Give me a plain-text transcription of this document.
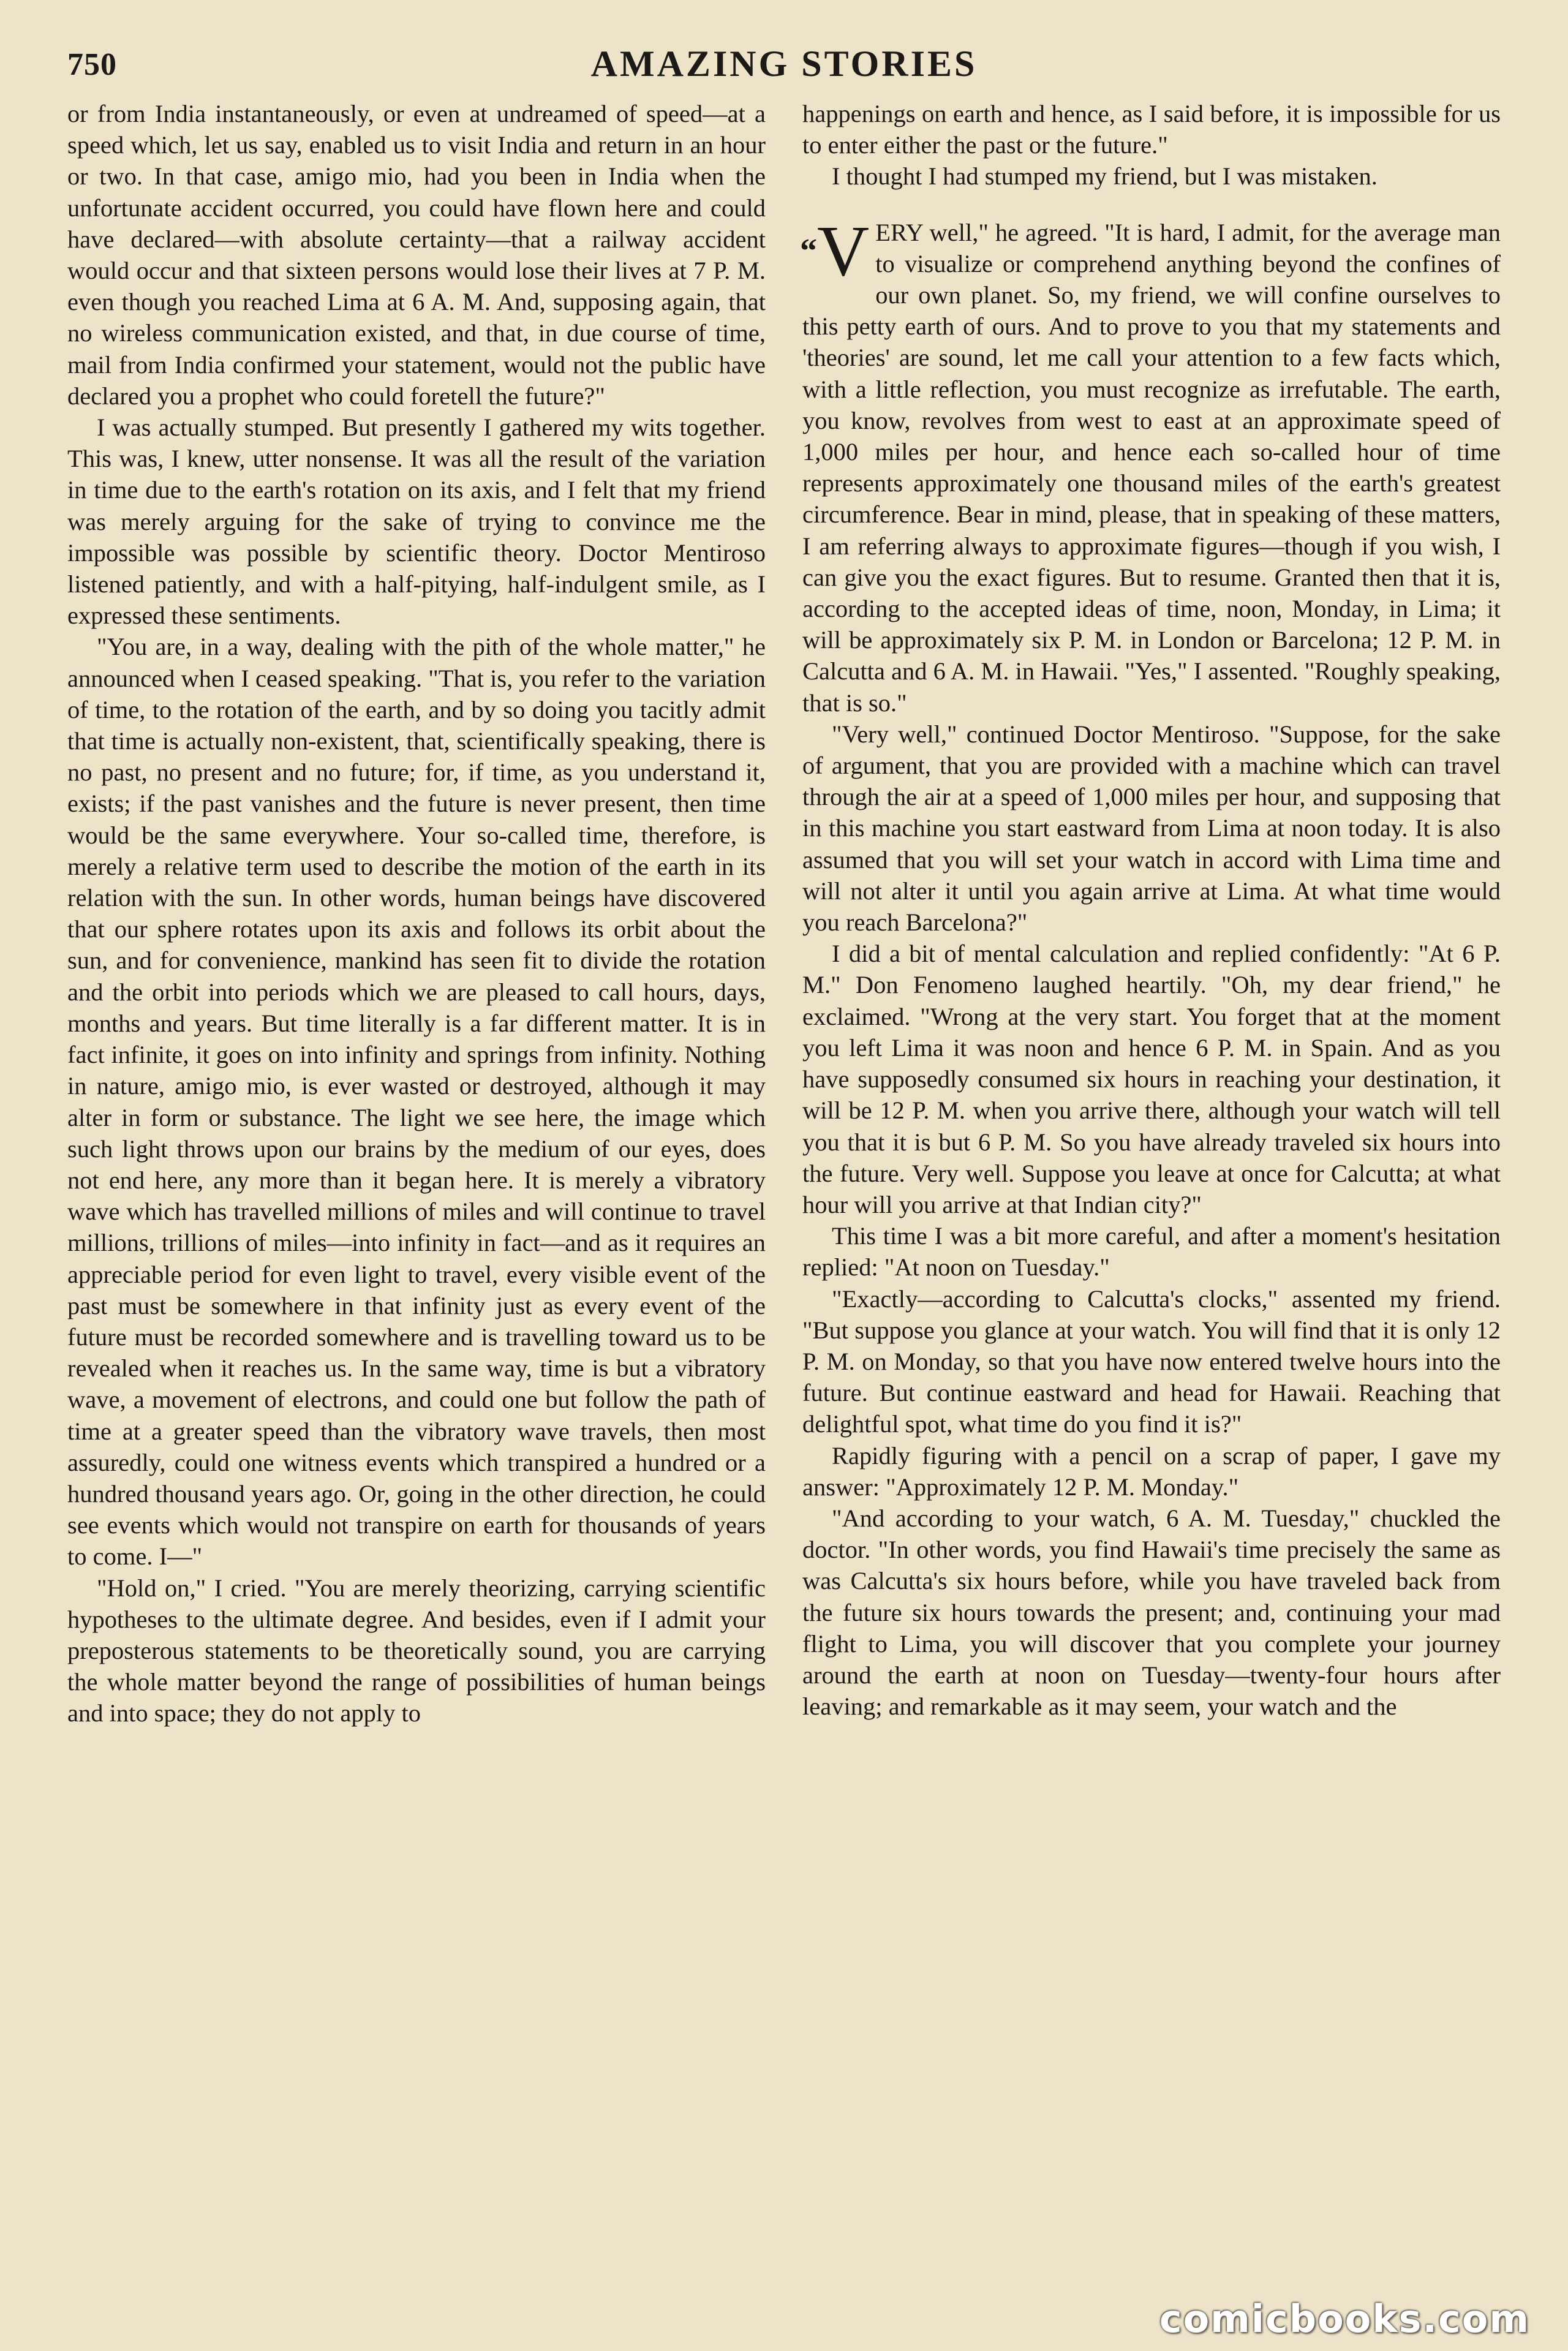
750	AMAZING STORIES

or from India instantaneously, or even at undreamed of speed—at a speed which, let us say, enabled us to visit India and return in an hour or two. In that case, amigo mio, had you been in India when the unfortunate accident occurred, you could have flown here and could have declared—with absolute certainty—that a railway accident would occur and that sixteen persons would lose their lives at 7 P. M. even though you reached Lima at 6 A. M. And, supposing again, that no wireless communication existed, and that, in due course of time, mail from India confirmed your statement, would not the public have declared you a prophet who could foretell the future?"

I was actually stumped. But presently I gathered my wits together. This was, I knew, utter nonsense. It was all the result of the variation in time due to the earth's rotation on its axis, and I felt that my friend was merely arguing for the sake of trying to convince me the impossible was possible by scientific theory. Doctor Mentiroso listened patiently, and with a half-pitying, half-indulgent smile, as I expressed these sentiments.

"You are, in a way, dealing with the pith of the whole matter," he announced when I ceased speaking. "That is, you refer to the variation of time, to the rotation of the earth, and by so doing you tacitly admit that time is actually non-existent, that, scientifically speaking, there is no past, no present and no future; for, if time, as you understand it, exists; if the past vanishes and the future is never present, then time would be the same everywhere. Your so-called time, therefore, is merely a relative term used to describe the motion of the earth in its relation with the sun. In other words, human beings have discovered that our sphere rotates upon its axis and follows its orbit about the sun, and for convenience, mankind has seen fit to divide the rotation and the orbit into periods which we are pleased to call hours, days, months and years. But time literally is a far different matter. It is in fact infinite, it goes on into infinity and springs from infinity. Nothing in nature, amigo mio, is ever wasted or destroyed, although it may alter in form or substance. The light we see here, the image which such light throws upon our brains by the medium of our eyes, does not end here, any more than it began here. It is merely a vibratory wave which has travelled millions of miles and will continue to travel millions, trillions of miles—into infinity in fact—and as it requires an appreciable period for even light to travel, every visible event of the past must be somewhere in that infinity just as every event of the future must be recorded somewhere and is travelling toward us to be revealed when it reaches us. In the same way, time is but a vibratory wave, a movement of electrons, and could one but follow the path of time at a greater speed than the vibratory wave travels, then most assuredly, could one witness events which transpired a hundred or a hundred thousand years ago. Or, going in the other direction, he could see events which would not transpire on earth for thousands of years to come. I—"

"Hold on," I cried. "You are merely theorizing, carrying scientific hypotheses to the ultimate degree. And besides, even if I admit your preposterous statements to be theoretically sound, you are carrying the whole matter beyond the range of possibilities of human beings and into space; they do not apply to

happenings on earth and hence, as I said before, it is impossible for us to enter either the past or the future."

I thought I had stumped my friend, but I was mistaken.

“V ERY well," he agreed. "It is hard, I admit, for the average man to visualize or comprehend anything beyond the confines of our own planet. So, my friend, we will confine ourselves to this petty earth of ours. And to prove to you that my statements and 'theories' are sound, let me call your attention to a few facts which, with a little reflection, you must recognize as irrefutable. The earth, you know, revolves from west to east at an approximate speed of 1,000 miles per hour, and hence each so-called hour of time represents approximately one thousand miles of the earth's greatest circumference. Bear in mind, please, that in speaking of these matters, I am referring always to approximate figures—though if you wish, I can give you the exact figures. But to resume. Granted then that it is, according to the accepted ideas of time, noon, Monday, in Lima; it will be approximately six P. M. in London or Barcelona; 12 P. M. in Calcutta and 6 A. M. in Hawaii. "Yes," I assented. "Roughly speaking, that is so."

"Very well," continued Doctor Mentiroso. "Suppose, for the sake of argument, that you are provided with a machine which can travel through the air at a speed of 1,000 miles per hour, and supposing that in this machine you start eastward from Lima at noon today. It is also assumed that you will set your watch in accord with Lima time and will not alter it until you again arrive at Lima. At what time would you reach Barcelona?"

I did a bit of mental calculation and replied confidently: "At 6 P. M." Don Fenomeno laughed heartily. "Oh, my dear friend," he exclaimed. "Wrong at the very start. You forget that at the moment you left Lima it was noon and hence 6 P. M. in Spain. And as you have supposedly consumed six hours in reaching your destination, it will be 12 P. M. when you arrive there, although your watch will tell you that it is but 6 P. M. So you have already traveled six hours into the future. Very well. Suppose you leave at once for Calcutta; at what hour will you arrive at that Indian city?"

This time I was a bit more careful, and after a moment's hesitation replied: "At noon on Tuesday."

"Exactly—according to Calcutta's clocks," assented my friend. "But suppose you glance at your watch. You will find that it is only 12 P. M. on Monday, so that you have now entered twelve hours into the future. But continue eastward and head for Hawaii. Reaching that delightful spot, what time do you find it is?"

Rapidly figuring with a pencil on a scrap of paper, I gave my answer: "Approximately 12 P. M. Monday."

"And according to your watch, 6 A. M. Tuesday," chuckled the doctor. "In other words, you find Hawaii's time precisely the same as was Calcutta's six hours before, while you have traveled back from the future six hours towards the present; and, continuing your mad flight to Lima, you will discover that you complete your journey around the earth at noon on Tuesday—twenty-four hours after leaving; and remarkable as it may seem, your watch and the

comicbooks.com
